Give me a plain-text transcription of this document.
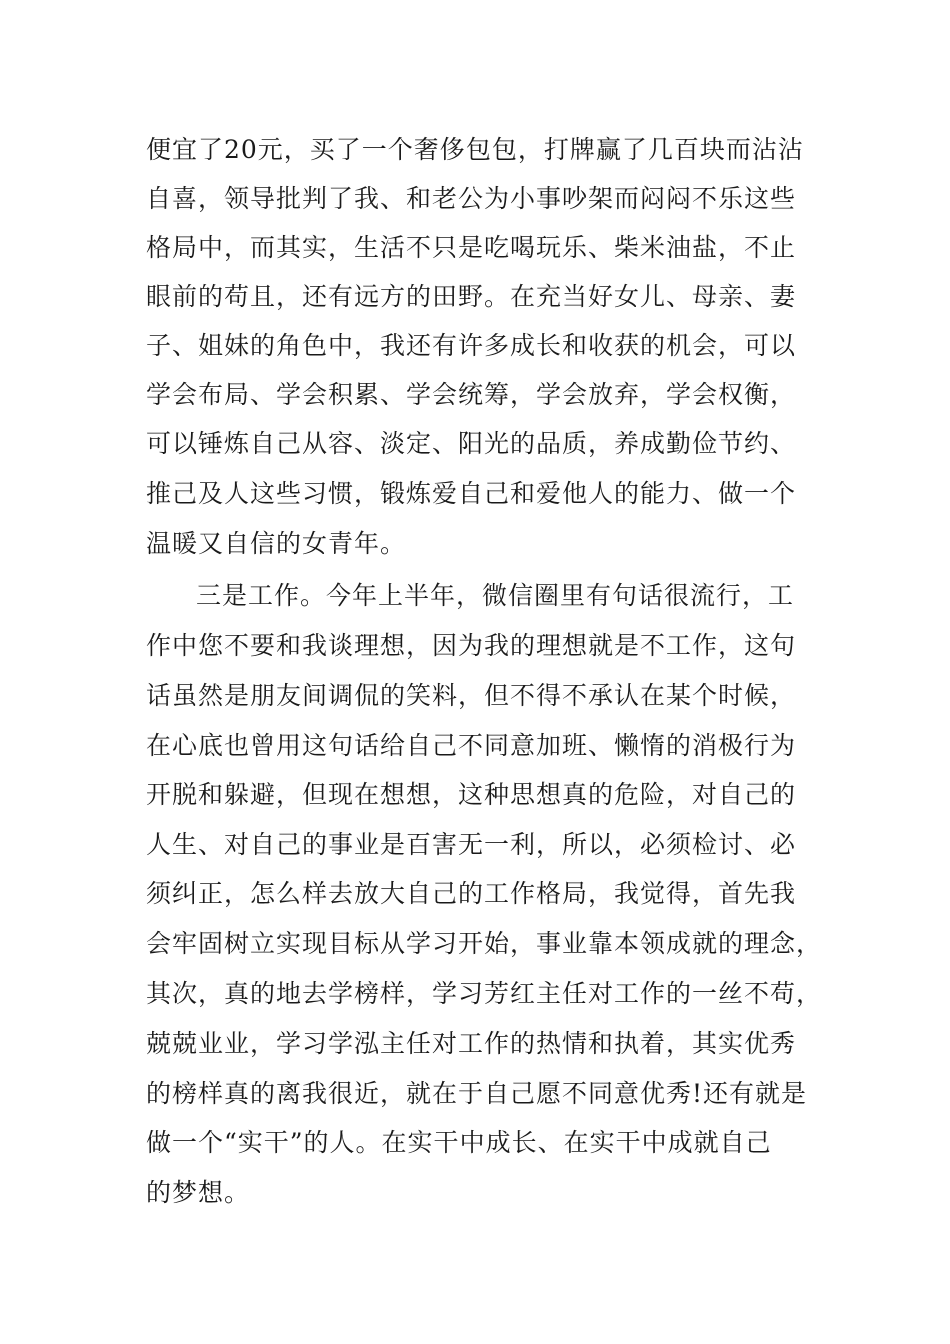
便宜了20元，买了一个奢侈包包，打牌赢了几百块而沾沾
自喜，领导批判了我、和老公为小事吵架而闷闷不乐这些
格局中，而其实，生活不只是吃喝玩乐、柴米油盐，不止
眼前的苟且，还有远方的田野。在充当好女儿、母亲、妻
子、姐妹的角色中，我还有许多成长和收获的机会，可以
学会布局、学会积累、学会统筹，学会放弃，学会权衡，
可以锤炼自己从容、淡定、阳光的品质，养成勤俭节约、
推己及人这些习惯，锻炼爱自己和爱他人的能力、做一个
温暖又自信的女青年。
三是工作。今年上半年，微信圈里有句话很流行，工
作中您不要和我谈理想，因为我的理想就是不工作，这句
话虽然是朋友间调侃的笑料，但不得不承认在某个时候，
在心底也曾用这句话给自己不同意加班、懒惰的消极行为
开脱和躲避，但现在想想，这种思想真的危险，对自己的
人生、对自己的事业是百害无一利，所以，必须检讨、必
须纠正，怎么样去放大自己的工作格局，我觉得，首先我
会牢固树立实现目标从学习开始，事业靠本领成就的理念，
其次，真的地去学榜样，学习芳红主任对工作的一丝不苟，
兢兢业业，学习学泓主任对工作的热情和执着，其实优秀
的榜样真的离我很近，就在于自己愿不同意优秀!还有就是
做一个“实干”的人。在实干中成长、在实干中成就自己
的梦想。
